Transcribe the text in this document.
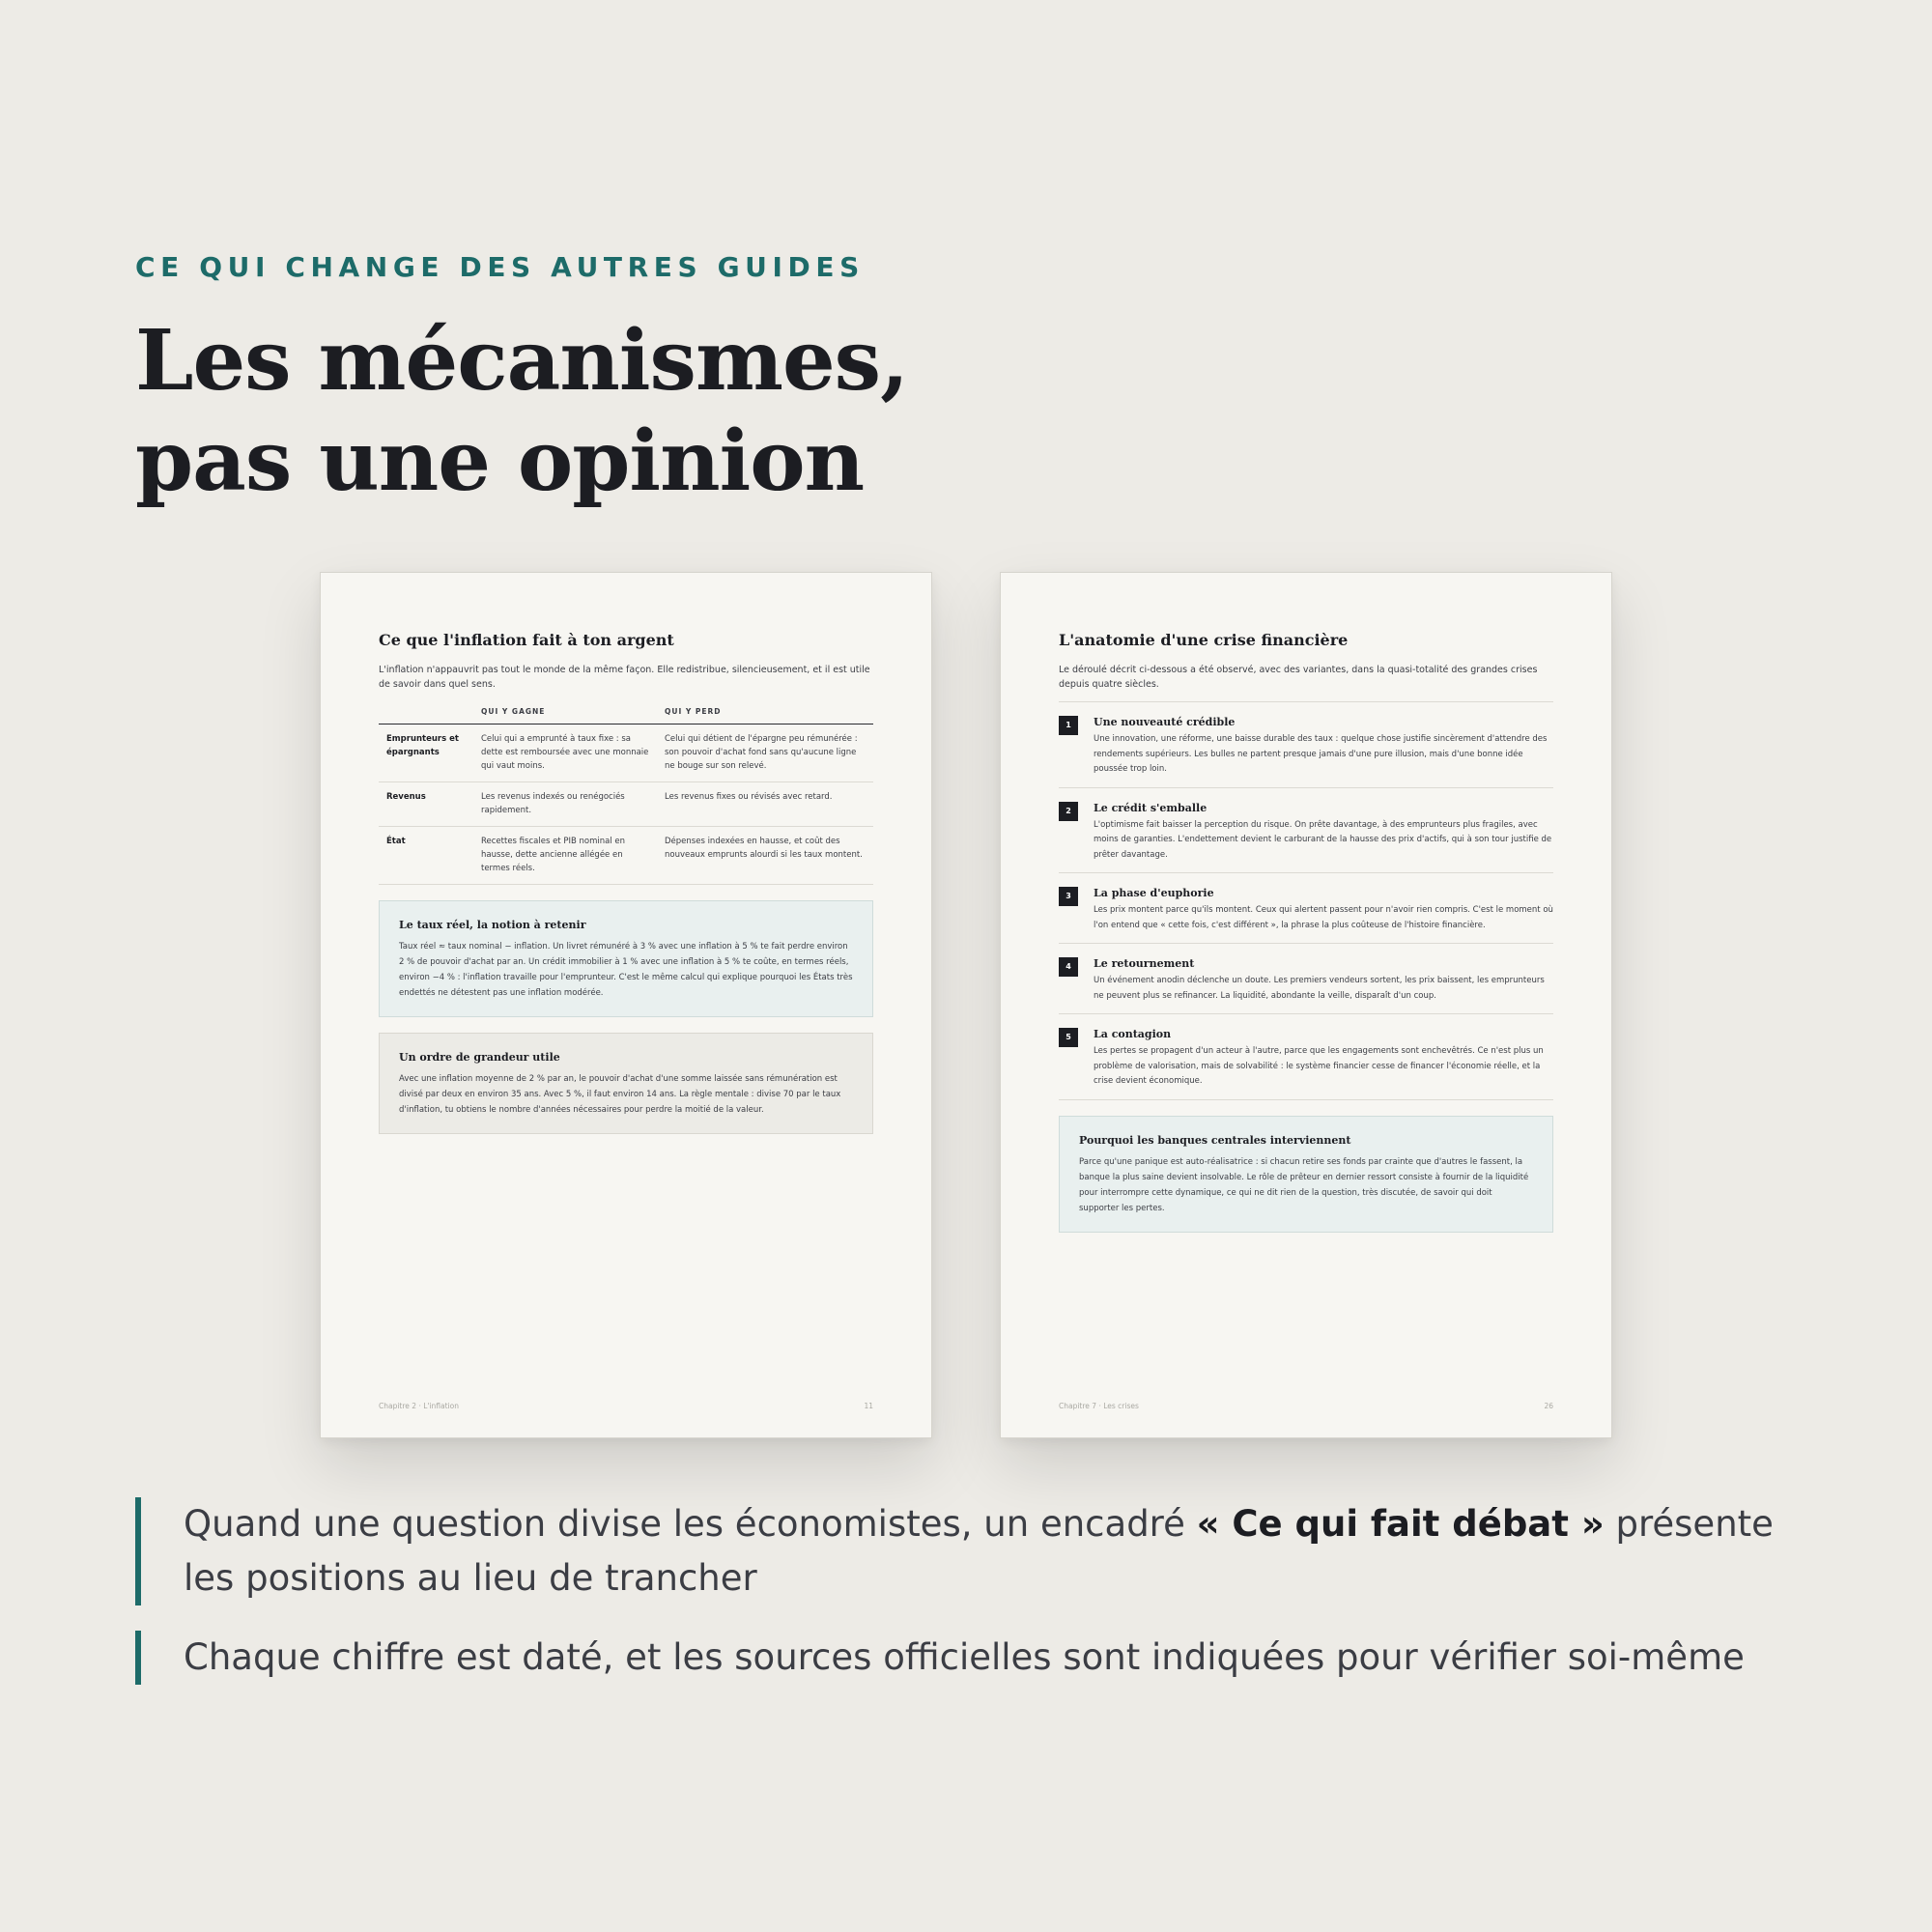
CE QUI CHANGE DES AUTRES GUIDES
Les mécanismes,
pas une opinion
Ce que l'inflation fait à ton argent
L'inflation n'appauvrit pas tout le monde de la même façon. Elle redistribue, silencieusement, et il est utile de savoir dans quel sens.
	QUI Y GAGNE	QUI Y PERD
Emprunteurs et épargnants	Celui qui a emprunté à taux fixe : sa dette est remboursée avec une monnaie qui vaut moins.	Celui qui détient de l'épargne peu rémunérée : son pouvoir d'achat fond sans qu'aucune ligne ne bouge sur son relevé.
Revenus	Les revenus indexés ou renégociés rapidement.	Les revenus fixes ou révisés avec retard.
État	Recettes fiscales et PIB nominal en hausse, dette ancienne allégée en termes réels.	Dépenses indexées en hausse, et coût des nouveaux emprunts alourdi si les taux montent.
Le taux réel, la notion à retenir
Taux réel ≈ taux nominal − inflation. Un livret rémunéré à 3 % avec une inflation à 5 % te fait perdre environ 2 % de pouvoir d'achat par an. Un crédit immobilier à 1 % avec une inflation à 5 % te coûte, en termes réels, environ −4 % : l'inflation travaille pour l'emprunteur. C'est le même calcul qui explique pourquoi les États très endettés ne détestent pas une inflation modérée.
Un ordre de grandeur utile
Avec une inflation moyenne de 2 % par an, le pouvoir d'achat d'une somme laissée sans rémunération est divisé par deux en environ 35 ans. Avec 5 %, il faut environ 14 ans. La règle mentale : divise 70 par le taux d'inflation, tu obtiens le nombre d'années nécessaires pour perdre la moitié de la valeur.
Chapitre 2 · L'inflation	11
L'anatomie d'une crise financière
Le déroulé décrit ci-dessous a été observé, avec des variantes, dans la quasi-totalité des grandes crises depuis quatre siècles.
1	Une nouveauté crédible
Une innovation, une réforme, une baisse durable des taux : quelque chose justifie sincèrement d'attendre des rendements supérieurs. Les bulles ne partent presque jamais d'une pure illusion, mais d'une bonne idée poussée trop loin.
2	Le crédit s'emballe
L'optimisme fait baisser la perception du risque. On prête davantage, à des emprunteurs plus fragiles, avec moins de garanties. L'endettement devient le carburant de la hausse des prix d'actifs, qui à son tour justifie de prêter davantage.
3	La phase d'euphorie
Les prix montent parce qu'ils montent. Ceux qui alertent passent pour n'avoir rien compris. C'est le moment où l'on entend que « cette fois, c'est différent », la phrase la plus coûteuse de l'histoire financière.
4	Le retournement
Un événement anodin déclenche un doute. Les premiers vendeurs sortent, les prix baissent, les emprunteurs ne peuvent plus se refinancer. La liquidité, abondante la veille, disparaît d'un coup.
5	La contagion
Les pertes se propagent d'un acteur à l'autre, parce que les engagements sont enchevêtrés. Ce n'est plus un problème de valorisation, mais de solvabilité : le système financier cesse de financer l'économie réelle, et la crise devient économique.
Pourquoi les banques centrales interviennent
Parce qu'une panique est auto-réalisatrice : si chacun retire ses fonds par crainte que d'autres le fassent, la banque la plus saine devient insolvable. Le rôle de prêteur en dernier ressort consiste à fournir de la liquidité pour interrompre cette dynamique, ce qui ne dit rien de la question, très discutée, de savoir qui doit supporter les pertes.
Chapitre 7 · Les crises	26
Quand une question divise les économistes, un encadré « Ce qui fait débat » présente les positions au lieu de trancher
Chaque chiffre est daté, et les sources officielles sont indiquées pour vérifier soi-même
